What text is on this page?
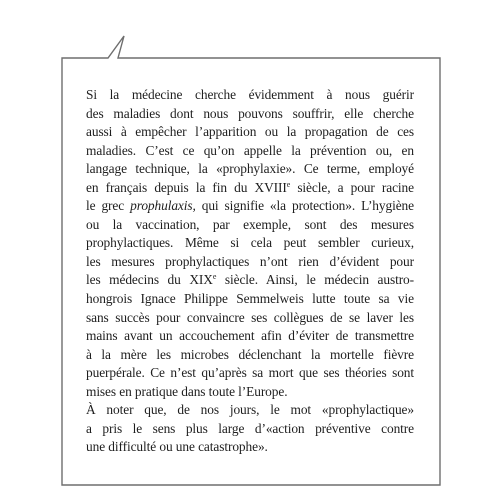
Si la médecine cherche évidemment à nous guérir
des maladies dont nous pouvons souffrir, elle cherche
aussi à empêcher l’apparition ou la propagation de ces
maladies. C’est ce qu’on appelle la prévention ou, en
langage technique, la «prophylaxie». Ce terme, employé
en français depuis la fin du XVIIIe siècle, a pour racine
le grec prophulaxis, qui signifie «la protection». L’hygiène
ou la vaccination, par exemple, sont des mesures
prophylactiques. Même si cela peut sembler curieux,
les mesures prophylactiques n’ont rien d’évident pour
les médecins du XIXe siècle. Ainsi, le médecin austro-
hongrois Ignace Philippe Semmelweis lutte toute sa vie
sans succès pour convaincre ses collègues de se laver les
mains avant un accouchement afin d’éviter de transmettre
à la mère les microbes déclenchant la mortelle fièvre
puerpérale. Ce n’est qu’après sa mort que ses théories sont
mises en pratique dans toute l’Europe.
À noter que, de nos jours, le mot «prophylactique»
a pris le sens plus large d’«action préventive contre
une difficulté ou une catastrophe».
